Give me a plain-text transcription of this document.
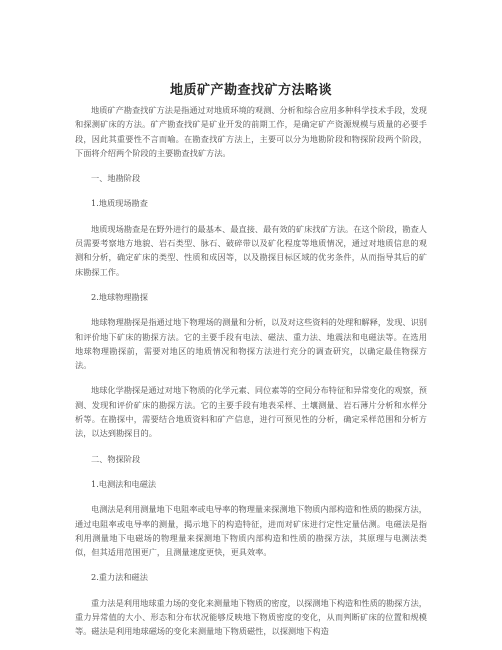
地质矿产勘查找矿方法略谈

地质矿产勘查找矿方法是指通过对地质环境的观测、分析和综合应用多种科学技术手段，发现和探测矿床的方法。矿产勘查找矿是矿业开发的前期工作，是确定矿产资源规模与质量的必要手段，因此其重要性不言而喻。在勘查找矿方法上，主要可以分为地勘阶段和物探阶段两个阶段，下面将介绍两个阶段的主要勘查找矿方法。

一、地勘阶段

1.地质现场勘查

地质现场勘查是在野外进行的最基本、最直接、最有效的矿床找矿方法。在这个阶段，勘查人员需要考察地方地貌、岩石类型、脉石、破碎带以及矿化程度等地质情况，通过对地质信息的观测和分析，确定矿床的类型、性质和成因等，以及勘探目标区域的优劣条件，从而指导其后的矿床勘探工作。

2.地球物理勘探

地球物理勘探是指通过地下物理场的测量和分析，以及对这些资料的处理和解释，发现、识别和评价地下矿床的勘探方法。它的主要手段有电法、磁法、重力法、地震法和电磁法等。在选用地球物理勘探前，需要对地区的地质情况和物探方法进行充分的调查研究，以确定最佳物探方法。

地球化学勘探是通过对地下物质的化学元素、同位素等的空间分布特征和异常变化的观察，预测、发现和评价矿床的勘探方法。它的主要手段有地表采样、土壤测量、岩石薄片分析和水样分析等。在勘探中，需要结合地质资料和矿产信息，进行可预见性的分析，确定采样范围和分析方法，以达到勘探目的。

二、物探阶段

1.电测法和电磁法

电测法是利用测量地下电阻率或电导率的物理量来探测地下物质内部构造和性质的勘探方法，通过电阻率或电导率的测量，揭示地下的构造特征，进而对矿床进行定性定量估测。电磁法是指利用测量地下电磁场的物理量来探测地下物质内部构造和性质的勘探方法，其原理与电测法类似，但其适用范围更广，且测量速度更快，更具效率。

2.重力法和磁法

重力法是利用地球重力场的变化来测量地下物质的密度，以探测地下构造和性质的勘探方法，重力异常值的大小、形态和分布状况能够反映地下物质密度的变化，从而判断矿床的位置和规模等。磁法是利用地球磁场的变化来测量地下物质磁性，以探测地下构造
